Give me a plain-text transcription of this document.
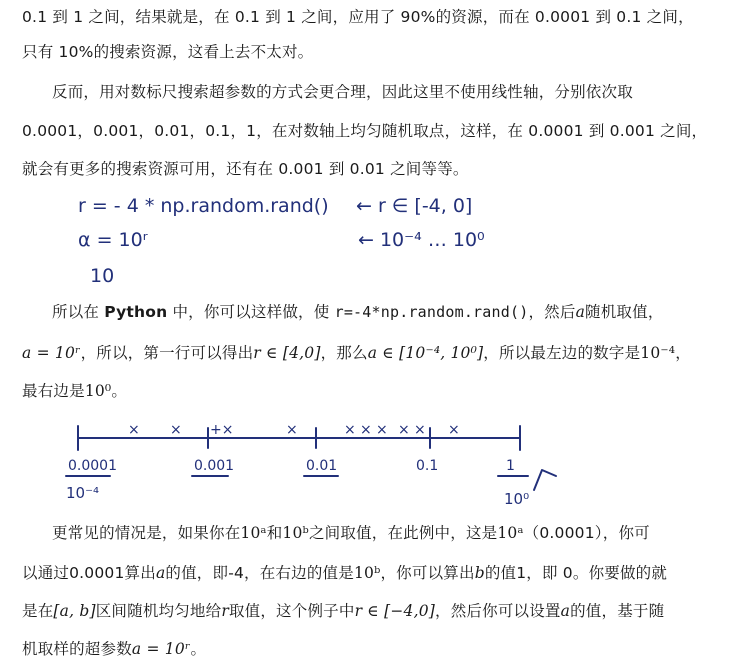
0.1 到 1 之间，结果就是，在 0.1 到 1 之间，应用了 90%的资源，而在 0.0001 到 0.1 之间，
只有 10%的搜索资源，这看上去不太对。
反而，用对数标尺搜索超参数的方式会更合理，因此这里不使用线性轴，分别依次取
0.0001，0.001，0.01，0.1，1，在对数轴上均匀随机取点，这样，在 0.0001 到 0.001 之间，
就会有更多的搜索资源可用，还有在 0.001 到 0.01 之间等等。
r = - 4 * np.random.rand() ← r ∈ [-4, 0]
α = 10ʳ	← 10⁻⁴ … 10⁰
10
所以在 Python 中，你可以这样做，使 r=-4*np.random.rand()，然后a随机取值，
a = 10ʳ，所以，第一行可以得出r ∈ [4,0]，那么a ∈ [10⁻⁴, 10⁰]，所以最左边的数字是10⁻⁴，
最右边是10⁰。
× × +×	×	× × × × × ×
0.0001	0.001	0.01	0.1	1
10⁻⁴	10⁰
更常见的情况是，如果你在10ᵃ和10ᵇ之间取值，在此例中，这是10ᵃ（0.0001），你可
以通过0.0001算出a的值，即-4，在右边的值是10ᵇ，你可以算出b的值1，即 0。你要做的就
是在[a, b]区间随机均匀地给r取值，这个例子中r ∈ [−4,0]，然后你可以设置a的值，基于随
机取样的超参数a = 10ʳ。
